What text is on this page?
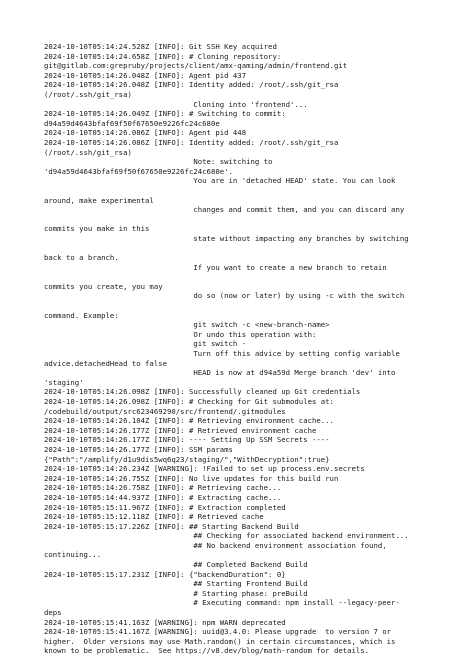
2024-10-10T05:14:24.528Z [INFO]: Git SSH Key acquired
2024-10-10T05:14:24.658Z [INFO]: # Cloning repository:
git@gitlab.com:grepruby/projects/client/amx-qaming/admin/frontend.git
2024-10-10T05:14:26.048Z [INFO]: Agent pid 437
2024-10-10T05:14:26.048Z [INFO]: Identity added: /root/.ssh/git_rsa
(/root/.ssh/git_rsa)
Cloning into 'frontend'...
2024-10-10T05:14:26.049Z [INFO]: # Switching to commit:
d94a59d4643bfaf69f50f67650e9226fc24c680e
2024-10-10T05:14:26.086Z [INFO]: Agent pid 448
2024-10-10T05:14:26.086Z [INFO]: Identity added: /root/.ssh/git_rsa
(/root/.ssh/git_rsa)
Note: switching to
'd94a59d4643bfaf69f50f67650e9226fc24c680e'.
You are in 'detached HEAD' state. You can look
around, make experimental
changes and commit them, and you can discard any
commits you make in this
state without impacting any branches by switching
back to a branch.
If you want to create a new branch to retain
commits you create, you may
do so (now or later) by using -c with the switch
command. Example:
git switch -c <new-branch-name>
Or undo this operation with:
git switch -
Turn off this advice by setting config variable
advice.detachedHead to false
HEAD is now at d94a59d Merge branch 'dev' into
'staging'
2024-10-10T05:14:26.098Z [INFO]: Successfully cleaned up Git credentials
2024-10-10T05:14:26.098Z [INFO]: # Checking for Git submodules at:
/codebuild/output/src623469290/src/frontend/.gitmodules
2024-10-10T05:14:26.104Z [INFO]: # Retrieving environment cache...
2024-10-10T05:14:26.177Z [INFO]: # Retrieved environment cache
2024-10-10T05:14:26.177Z [INFO]: ---- Setting Up SSM Secrets ----
2024-10-10T05:14:26.177Z [INFO]: SSM params
{"Path":"/amplify/d1u9dis5wq6q23/staging/","WithDecryption":true}
2024-10-10T05:14:26.234Z [WARNING]: !Failed to set up process.env.secrets
2024-10-10T05:14:26.755Z [INFO]: No live updates for this build run
2024-10-10T05:14:26.758Z [INFO]: # Retrieving cache...
2024-10-10T05:14:44.937Z [INFO]: # Extracting cache...
2024-10-10T05:15:11.967Z [INFO]: # Extraction completed
2024-10-10T05:15:12.118Z [INFO]: # Retrieved cache
2024-10-10T05:15:17.226Z [INFO]: ## Starting Backend Build
## Checking for associated backend environment...
## No backend environment association found,
continuing...
## Completed Backend Build
2024-10-10T05:15:17.231Z [INFO]: {"backendDuration": 0}
## Starting Frontend Build
# Starting phase: preBuild
# Executing command: npm install --legacy-peer-
deps
2024-10-10T05:15:41.163Z [WARNING]: npm WARN deprecated
2024-10-10T05:15:41.167Z [WARNING]: uuid@3.4.0: Please upgrade  to version 7 or
higher.  Older versions may use Math.random() in certain circumstances, which is
known to be problematic.  See https://v8.dev/blog/math-random for details.
